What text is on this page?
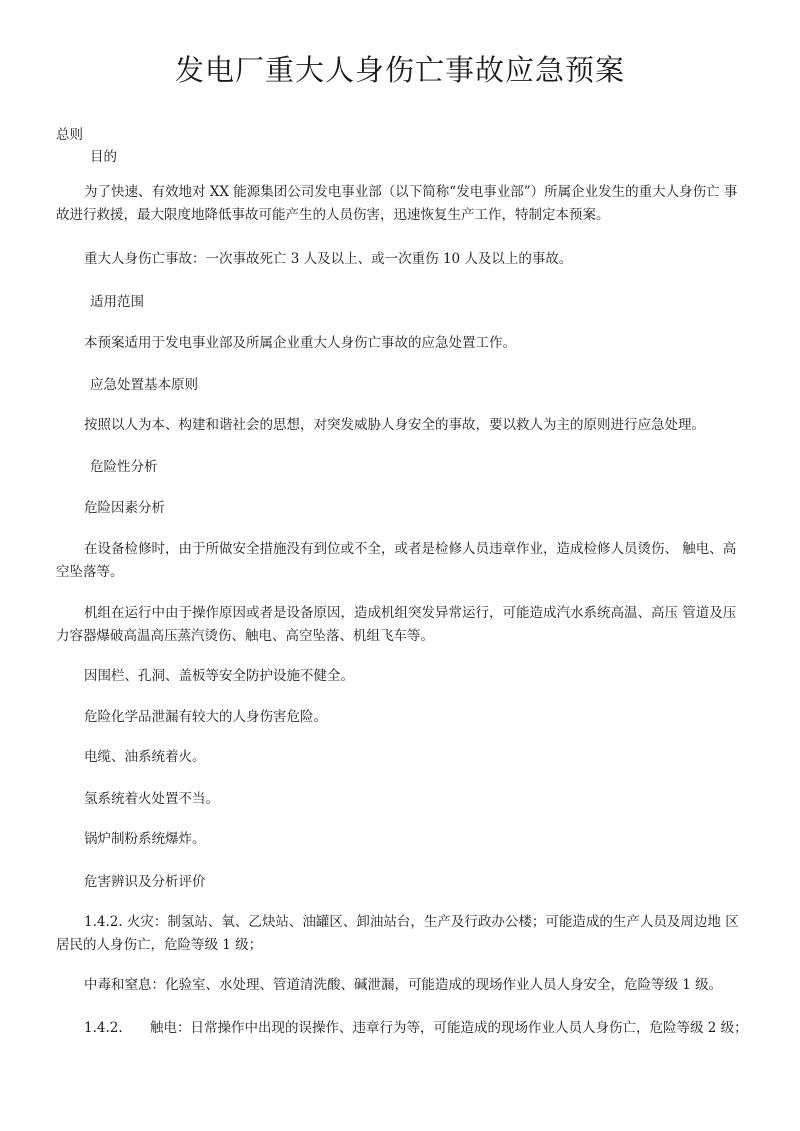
发电厂重大人身伤亡事故应急预案
总则
目的
为了快速、有效地对 XX 能源集团公司发电事业部（以下简称“发电事业部”）所属企业发生的重大人身伤亡 事故进行救援，最大限度地降低事故可能产生的人员伤害，迅速恢复生产工作，特制定本预案。
重大人身伤亡事故：一次事故死亡 3 人及以上、或一次重伤 10 人及以上的事故。
适用范围
本预案适用于发电事业部及所属企业重大人身伤亡事故的应急处置工作。
应急处置基本原则
按照以人为本、构建和谐社会的思想，对突发威胁人身安全的事故，要以救人为主的原则进行应急处理。
危险性分析
危险因素分析
在设备检修时，由于所做安全措施没有到位或不全，或者是检修人员违章作业，造成检修人员烫伤、 触电、高空坠落等。
机组在运行中由于操作原因或者是设备原因，造成机组突发异常运行，可能造成汽水系统高温、高压 管道及压力容器爆破高温高压蒸汽烫伤、触电、高空坠落、机组飞车等。
因围栏、孔洞、盖板等安全防护设施不健全。
危险化学品泄漏有较大的人身伤害危险。
电缆、油系统着火。
氢系统着火处置不当。
锅炉制粉系统爆炸。
危害辨识及分析评价
1.4.2. 火灾：制氢站、氧、乙炔站、油罐区、卸油站台，生产及行政办公楼；可能造成的生产人员及周边地 区居民的人身伤亡，危险等级 1 级；
中毒和窒息：化验室、水处理、管道清洗酸、碱泄漏，可能造成的现场作业人员人身安全，危险等级 1 级。
1.4.2. 触电：日常操作中出现的误操作、违章行为等，可能造成的现场作业人员人身伤亡，危险等级 2 级；
